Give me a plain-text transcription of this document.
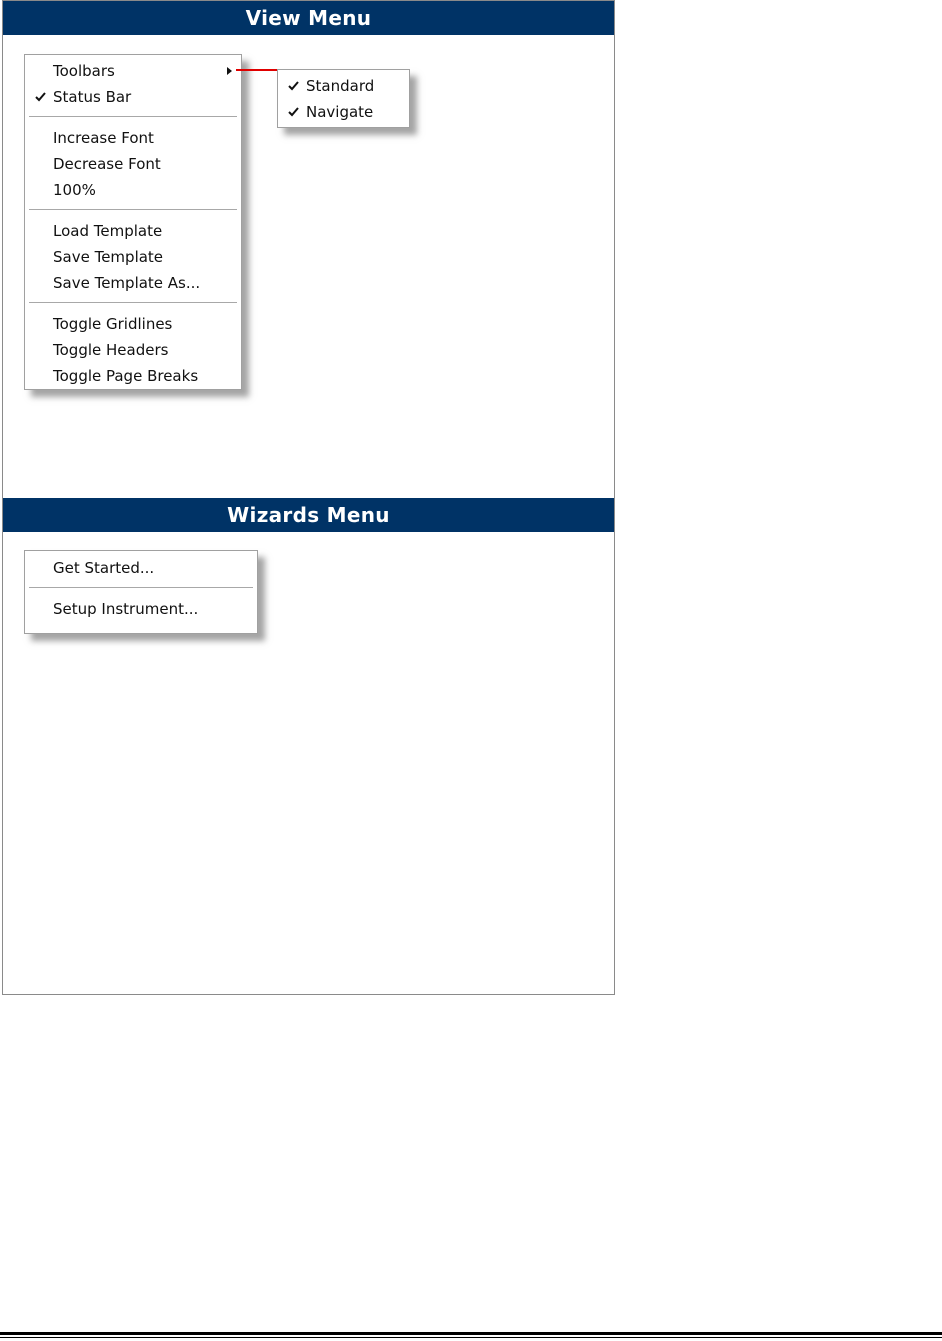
View Menu
Wizards Menu
Toolbars
Status Bar
Increase Font
Decrease Font
100%
Load Template
Save Template
Save Template As...
Toggle Gridlines
Toggle Headers
Toggle Page Breaks
Standard
Navigate
Get Started...
Setup Instrument...
